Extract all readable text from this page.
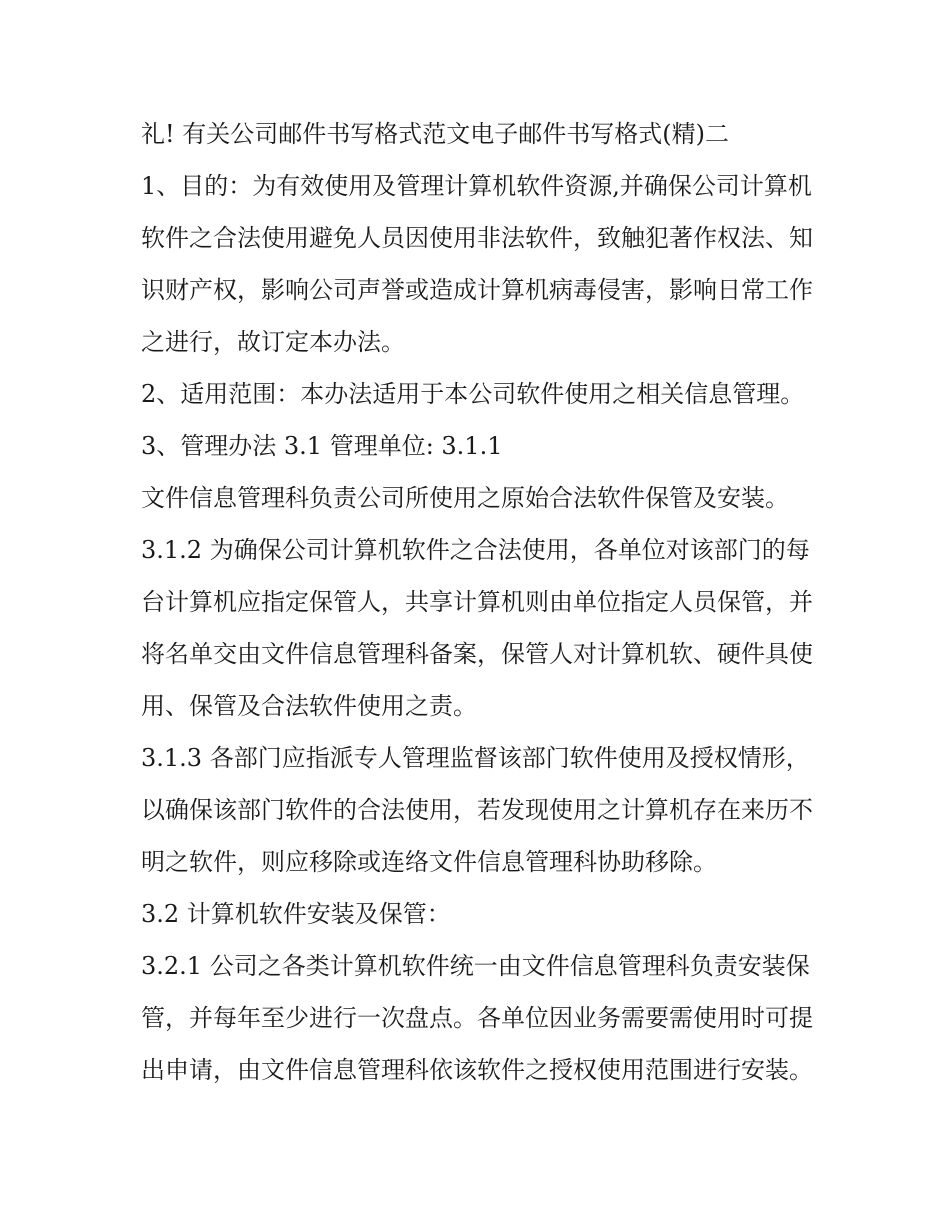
礼! 有关公司邮件书写格式范文电子邮件书写格式(精)二

1、目的：为有效使用及管理计算机软件资源,并确保公司计算机软件之合法使用避免人员因使用非法软件，致触犯著作权法、知识财产权，影响公司声誉或造成计算机病毒侵害，影响日常工作之进行，故订定本办法。

2、适用范围：本办法适用于本公司软件使用之相关信息管理。 3、管理办法 3.1 管理单位: 3.1.1

文件信息管理科负责公司所使用之原始合法软件保管及安装。

3.1.2 为确保公司计算机软件之合法使用，各单位对该部门的每台计算机应指定保管人，共享计算机则由单位指定人员保管，并将名单交由文件信息管理科备案，保管人对计算机软、硬件具使用、保管及合法软件使用之责。

3.1.3 各部门应指派专人管理监督该部门软件使用及授权情形，以确保该部门软件的合法使用，若发现使用之计算机存在来历不明之软件，则应移除或连络文件信息管理科协助移除。

3.2 计算机软件安装及保管：

3.2.1 公司之各类计算机软件统一由文件信息管理科负责安装保管，并每年至少进行一次盘点。各单位因业务需要需使用时可提出申请，由文件信息管理科依该软件之授权使用范围进行安装。
